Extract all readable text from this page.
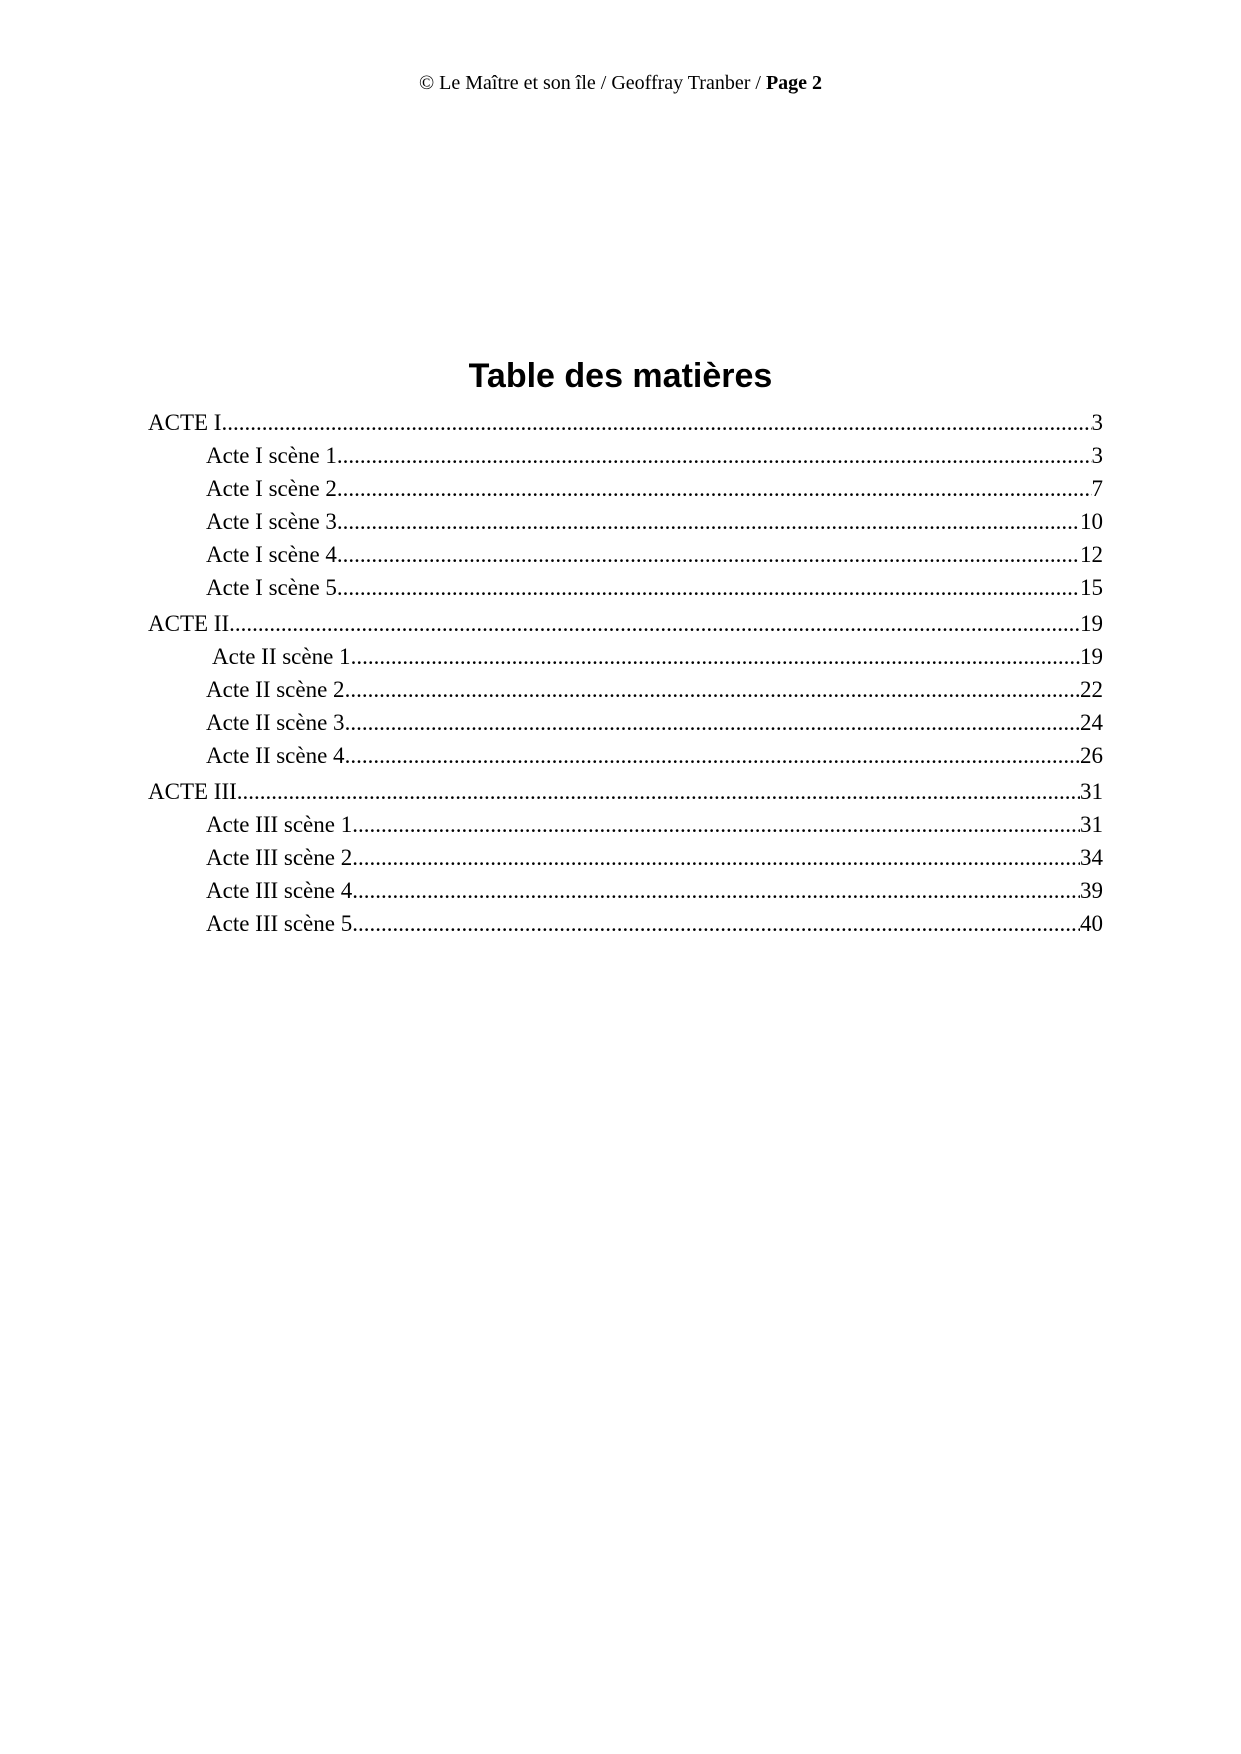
© Le Maître et son île / Geoffray Tranber / Page 2
Table des matières
ACTE I .....	3
Acte I scène 1 .....	3
Acte I scène 2 .....	7
Acte I scène 3 .....	10
Acte I scène 4 .....	12
Acte I scène 5 .....	15
ACTE II .....	19
Acte II scène 1 .....	19
Acte II scène 2 .....	22
Acte II scène 3 .....	24
Acte II scène 4 .....	26
ACTE III .....	31
Acte III scène 1 .....	31
Acte III scène 2 .....	34
Acte III scène 4 .....	39
Acte III scène 5 .....	40
